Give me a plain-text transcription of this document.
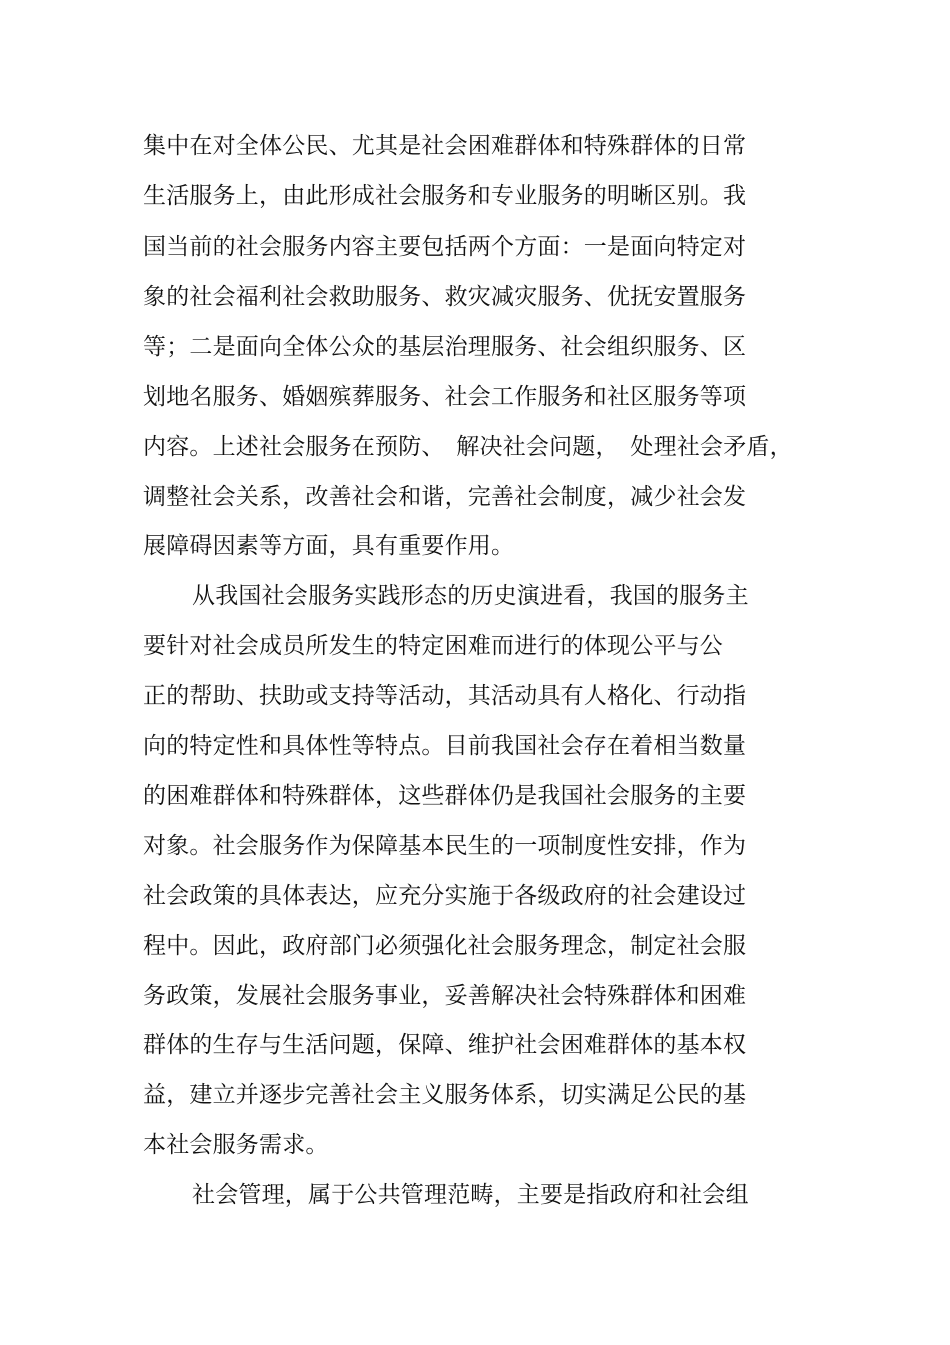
集中在对全体公民、尤其是社会困难群体和特殊群体的日常
生活服务上，由此形成社会服务和专业服务的明晰区别。我
国当前的社会服务内容主要包括两个方面：一是面向特定对
象的社会福利社会救助服务、救灾减灾服务、优抚安置服务
等；二是面向全体公众的基层治理服务、社会组织服务、区
划地名服务、婚姻殡葬服务、社会工作服务和社区服务等项
内容。上述社会服务在预防、　解决社会问题，　处理社会矛盾，
调整社会关系，改善社会和谐，完善社会制度，减少社会发
展障碍因素等方面，具有重要作用。
从我国社会服务实践形态的历史演进看，我国的服务主
要针对社会成员所发生的特定困难而进行的体现公平与公
正的帮助、扶助或支持等活动，其活动具有人格化、行动指
向的特定性和具体性等特点。目前我国社会存在着相当数量
的困难群体和特殊群体，这些群体仍是我国社会服务的主要
对象。社会服务作为保障基本民生的一项制度性安排，作为
社会政策的具体表达，应充分实施于各级政府的社会建设过
程中。因此，政府部门必须强化社会服务理念，制定社会服
务政策，发展社会服务事业，妥善解决社会特殊群体和困难
群体的生存与生活问题，保障、维护社会困难群体的基本权
益，建立并逐步完善社会主义服务体系，切实满足公民的基
本社会服务需求。
社会管理，属于公共管理范畴，主要是指政府和社会组
